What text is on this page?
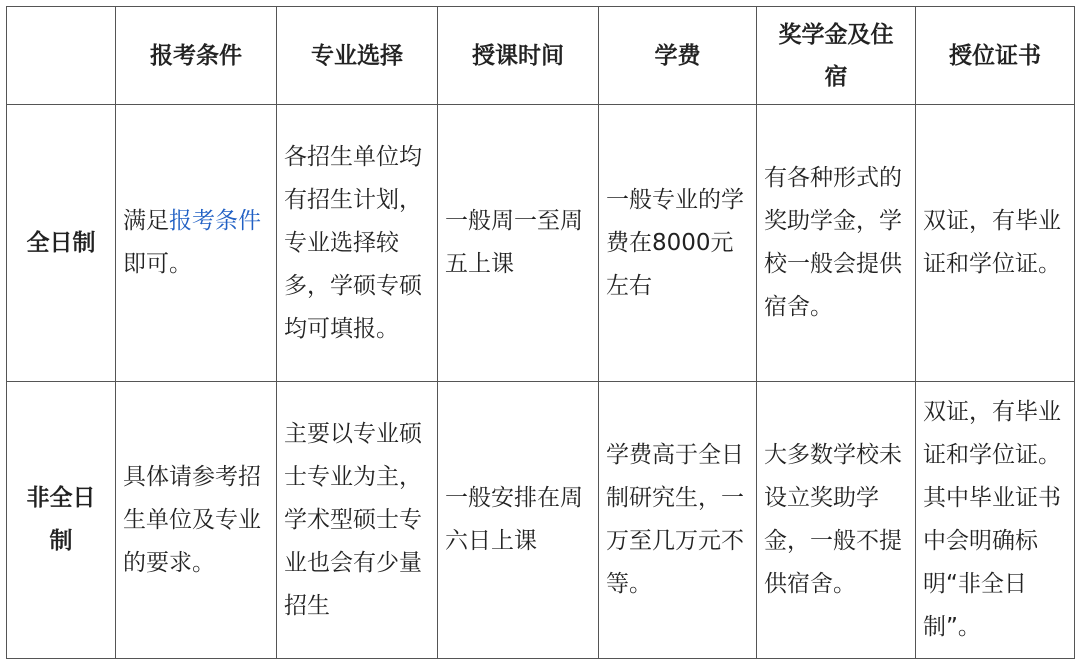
	报考条件	专业选择	授课时间	学费	奖学金及住宿	授位证书
全日制	满足报考条件即可。	各招生单位均有招生计划，专业选择较多，学硕专硕均可填报。	一般周一至周五上课	一般专业的学费在8000元左右	有各种形式的奖助学金，学校一般会提供宿舍。	双证，有毕业证和学位证。
非全日制	具体请参考招生单位及专业的要求。	主要以专业硕士专业为主，学术型硕士专业也会有少量招生	一般安排在周六日上课	学费高于全日制研究生，一万至几万元不等。	大多数学校未设立奖助学金，一般不提供宿舍。	双证，有毕业证和学位证。其中毕业证书中会明确标明“非全日制”。
